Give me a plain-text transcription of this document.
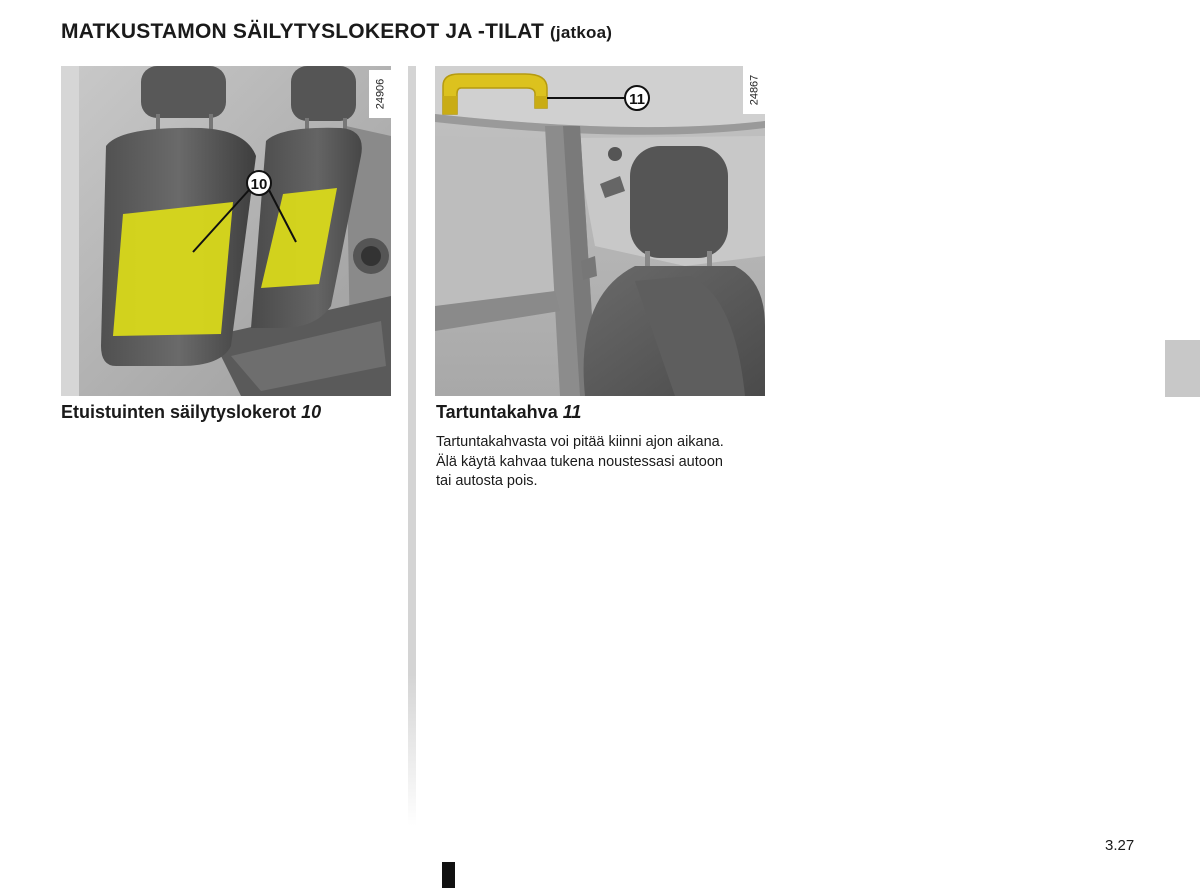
MATKUSTAMON SÄILYTYSLOKEROT JA -TILAT (jatkoa)
10
24906	11	24867
Etuistuinten säilytyslokerot 10	Tartuntakahva 11
Tartuntakahvasta voi pitää kiinni ajon aikana.
Älä käytä kahvaa tukena noustessasi autoon
tai autosta pois.
3.27
